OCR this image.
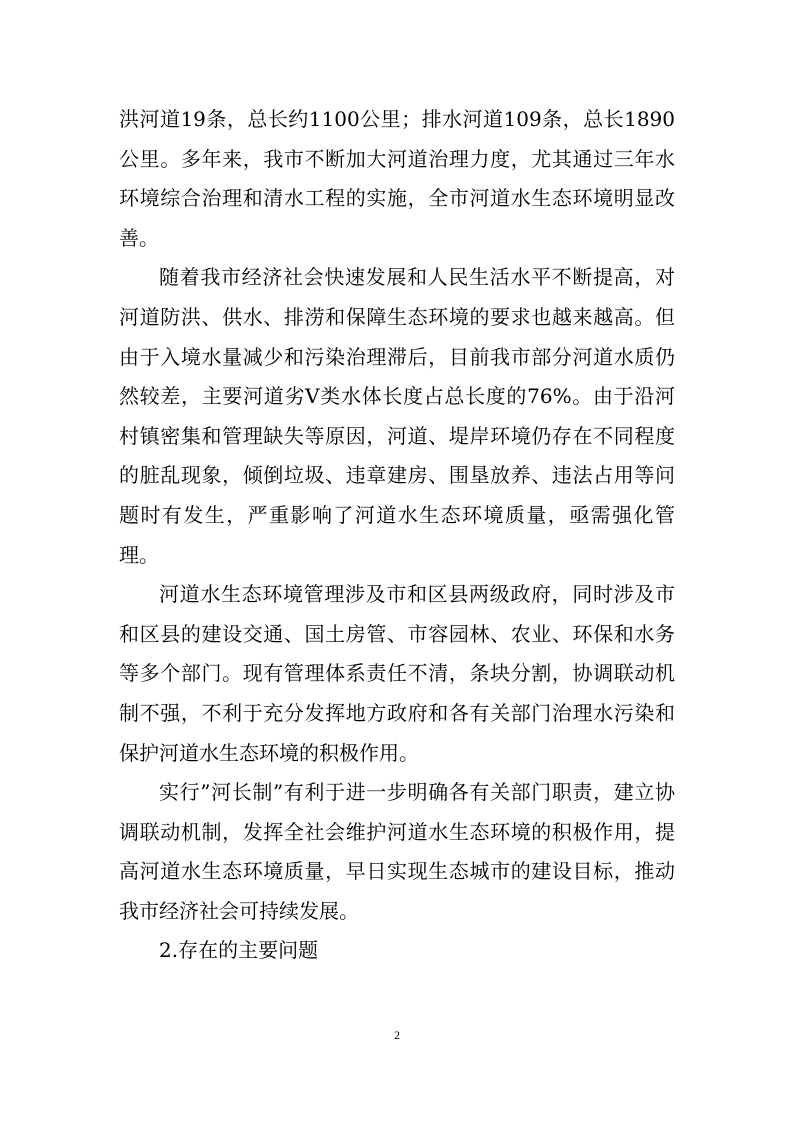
洪河道19条，总长约1100公里；排水河道109条，总长1890公里。多年来，我市不断加大河道治理力度，尤其通过三年水环境综合治理和清水工程的实施，全市河道水生态环境明显改善。

随着我市经济社会快速发展和人民生活水平不断提高，对河道防洪、供水、排涝和保障生态环境的要求也越来越高。但由于入境水量减少和污染治理滞后，目前我市部分河道水质仍然较差，主要河道劣Ⅴ类水体长度占总长度的76%。由于沿河村镇密集和管理缺失等原因，河道、堤岸环境仍存在不同程度的脏乱现象，倾倒垃圾、违章建房、围垦放养、违法占用等问题时有发生，严重影响了河道水生态环境质量，亟需强化管理。

河道水生态环境管理涉及市和区县两级政府，同时涉及市和区县的建设交通、国土房管、市容园林、农业、环保和水务等多个部门。现有管理体系责任不清，条块分割，协调联动机制不强，不利于充分发挥地方政府和各有关部门治理水污染和保护河道水生态环境的积极作用。

实行”河长制”有利于进一步明确各有关部门职责，建立协调联动机制，发挥全社会维护河道水生态环境的积极作用，提高河道水生态环境质量，早日实现生态城市的建设目标，推动我市经济社会可持续发展。

2.存在的主要问题

2
